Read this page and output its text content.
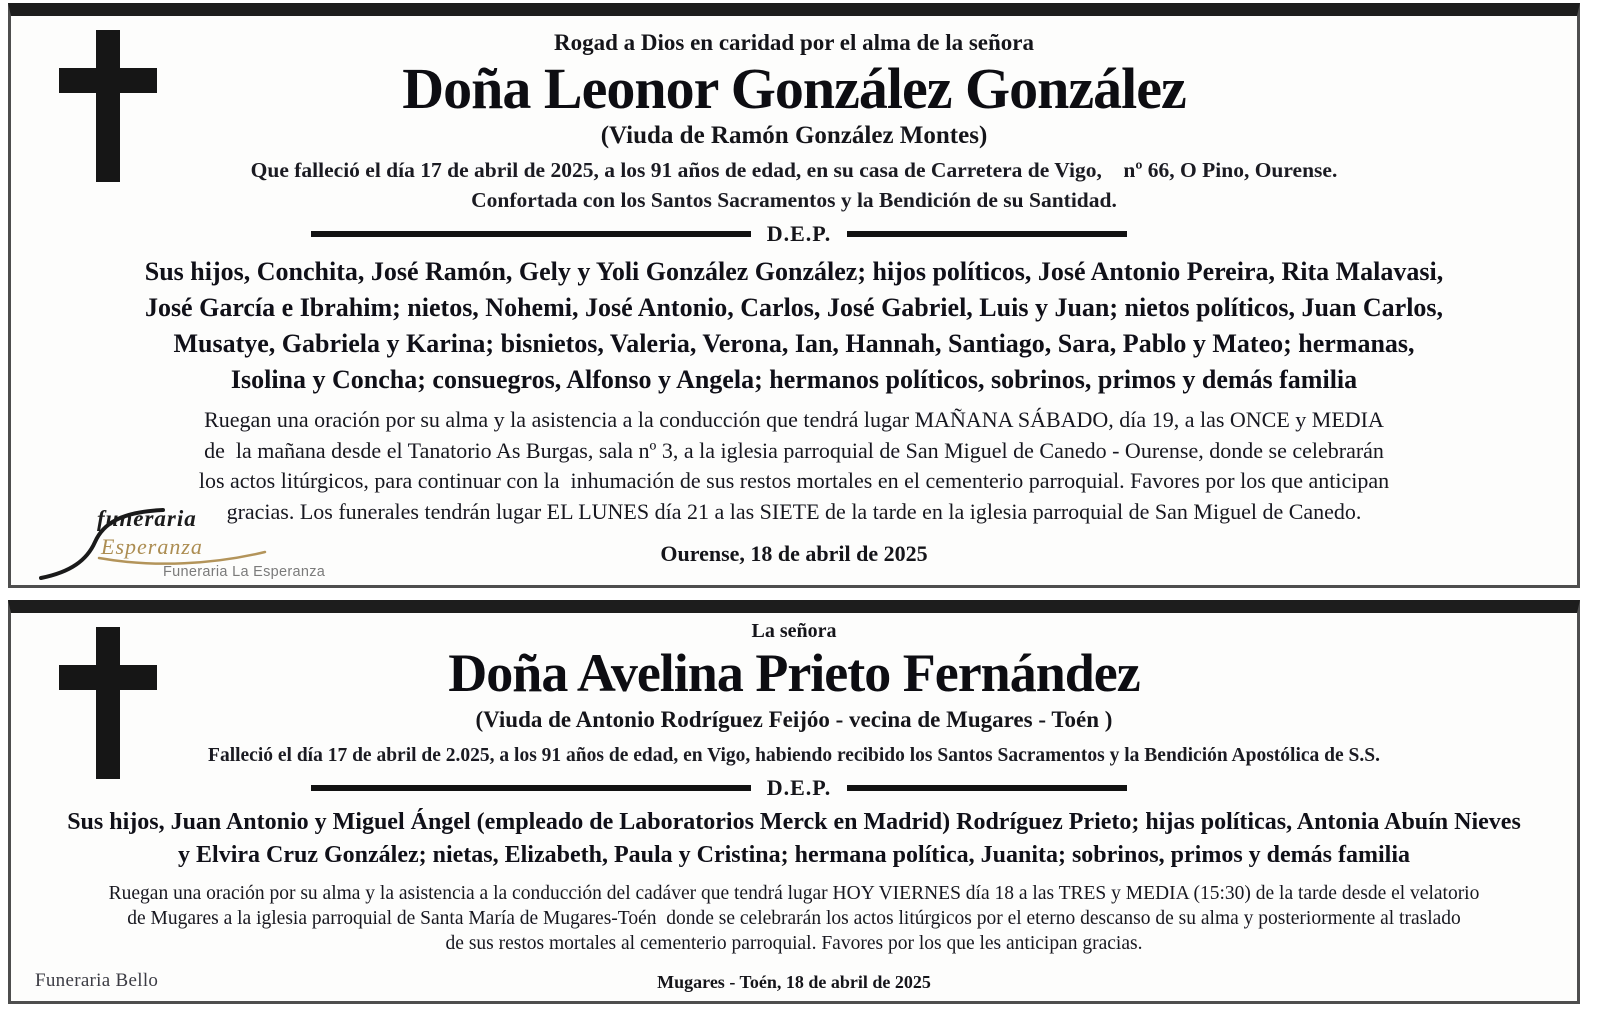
Rogad a Dios en caridad por el alma de la señora
Doña Leonor González González
(Viuda de Ramón González Montes)
Que falleció el día 17 de abril de 2025, a los 91 años de edad, en su casa de Carretera de Vigo,    nº 66, O Pino, Ourense.
Confortada con los Santos Sacramentos y la Bendición de su Santidad.
D.E.P.
Sus hijos, Conchita, José Ramón, Gely y Yoli González González; hijos políticos, José Antonio Pereira, Rita Malavasi,
José García e Ibrahim; nietos, Nohemi, José Antonio, Carlos, José Gabriel, Luis y Juan; nietos políticos, Juan Carlos,
Musatye, Gabriela y Karina; bisnietos, Valeria, Verona, Ian, Hannah, Santiago, Sara, Pablo y Mateo; hermanas,
Isolina y Concha; consuegros, Alfonso y Angela; hermanos políticos, sobrinos, primos y demás familia
Ruegan una oración por su alma y la asistencia a la conducción que tendrá lugar MAÑANA SÁBADO, día 19, a las ONCE y MEDIA
de  la mañana desde el Tanatorio As Burgas, sala nº 3, a la iglesia parroquial de San Miguel de Canedo - Ourense, donde se celebrarán
los actos litúrgicos, para continuar con la  inhumación de sus restos mortales en el cementerio parroquial. Favores por los que anticipan
gracias. Los funerales tendrán lugar EL LUNES día 21 a las SIETE de la tarde en la iglesia parroquial de San Miguel de Canedo.
Ourense, 18 de abril de 2025
funeraria
Esperanza
Funeraria La Esperanza
La señora
Doña Avelina Prieto Fernández
(Viuda de Antonio Rodríguez Feijóo - vecina de Mugares - Toén )
Falleció el día 17 de abril de 2.025, a los 91 años de edad, en Vigo, habiendo recibido los Santos Sacramentos y la Bendición Apostólica de S.S.
D.E.P.
Sus hijos, Juan Antonio y Miguel Ángel (empleado de Laboratorios Merck en Madrid) Rodríguez Prieto; hijas políticas, Antonia Abuín Nieves
y Elvira Cruz González; nietas, Elizabeth, Paula y Cristina; hermana política, Juanita; sobrinos, primos y demás familia
Ruegan una oración por su alma y la asistencia a la conducción del cadáver que tendrá lugar HOY VIERNES día 18 a las TRES y MEDIA (15:30) de la tarde desde el velatorio
de Mugares a la iglesia parroquial de Santa María de Mugares-Toén  donde se celebrarán los actos litúrgicos por el eterno descanso de su alma y posteriormente al traslado
de sus restos mortales al cementerio parroquial. Favores por los que les anticipan gracias.
Funeraria Bello	Mugares - Toén, 18 de abril de 2025
